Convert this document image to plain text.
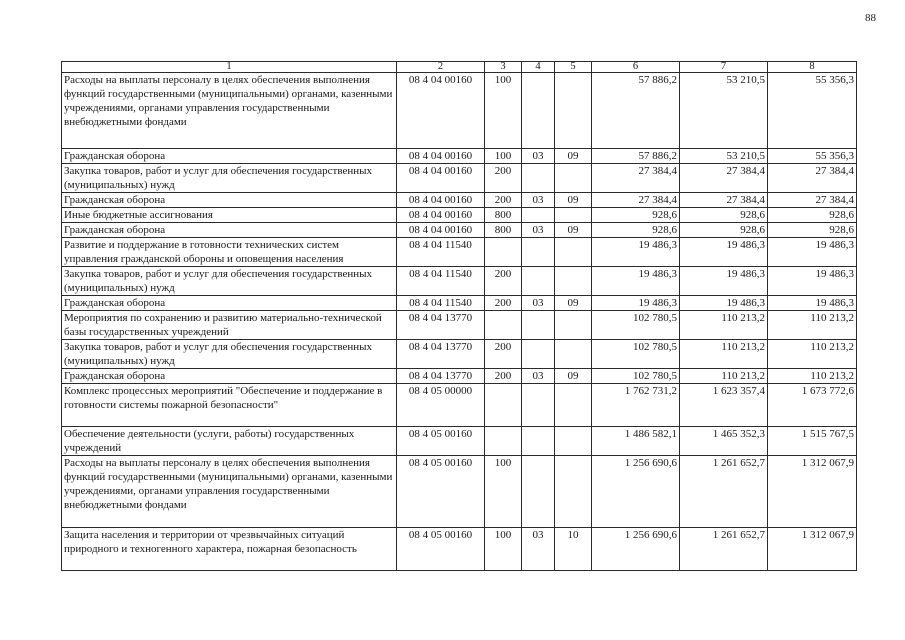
88
1	2	3	4	5	6	7	8
Расходы на выплаты персоналу в целях обеспечения выполнения функций государственными (муниципальными) органами, казенными учреждениями, органами управления государственными внебюджетными фондами	08 4 04 00160	100			57 886,2	53 210,5	55 356,3
Гражданская оборона	08 4 04 00160	100	03	09	57 886,2	53 210,5	55 356,3
Закупка товаров, работ и услуг для обеспечения государственных (муниципальных) нужд	08 4 04 00160	200			27 384,4	27 384,4	27 384,4
Гражданская оборона	08 4 04 00160	200	03	09	27 384,4	27 384,4	27 384,4
Иные бюджетные ассигнования	08 4 04 00160	800			928,6	928,6	928,6
Гражданская оборона	08 4 04 00160	800	03	09	928,6	928,6	928,6
Развитие и поддержание в готовности технических систем управления гражданской обороны и оповещения населения	08 4 04 11540				19 486,3	19 486,3	19 486,3
Закупка товаров, работ и услуг для обеспечения государственных (муниципальных) нужд	08 4 04 11540	200			19 486,3	19 486,3	19 486,3
Гражданская оборона	08 4 04 11540	200	03	09	19 486,3	19 486,3	19 486,3
Мероприятия по сохранению и развитию материально-технической базы государственных учреждений	08 4 04 13770				102 780,5	110 213,2	110 213,2
Закупка товаров, работ и услуг для обеспечения государственных (муниципальных) нужд	08 4 04 13770	200			102 780,5	110 213,2	110 213,2
Гражданская оборона	08 4 04 13770	200	03	09	102 780,5	110 213,2	110 213,2
Комплекс процессных мероприятий "Обеспечение и поддержание в готовности системы пожарной безопасности"	08 4 05 00000				1 762 731,2	1 623 357,4	1 673 772,6
Обеспечение деятельности (услуги, работы) государственных учреждений	08 4 05 00160				1 486 582,1	1 465 352,3	1 515 767,5
Расходы на выплаты персоналу в целях обеспечения выполнения функций государственными (муниципальными) органами, казенными учреждениями, органами управления государственными внебюджетными фондами	08 4 05 00160	100			1 256 690,6	1 261 652,7	1 312 067,9
Защита населения и территории от чрезвычайных ситуаций природного и техногенного характера, пожарная безопасность	08 4 05 00160	100	03	10	1 256 690,6	1 261 652,7	1 312 067,9
